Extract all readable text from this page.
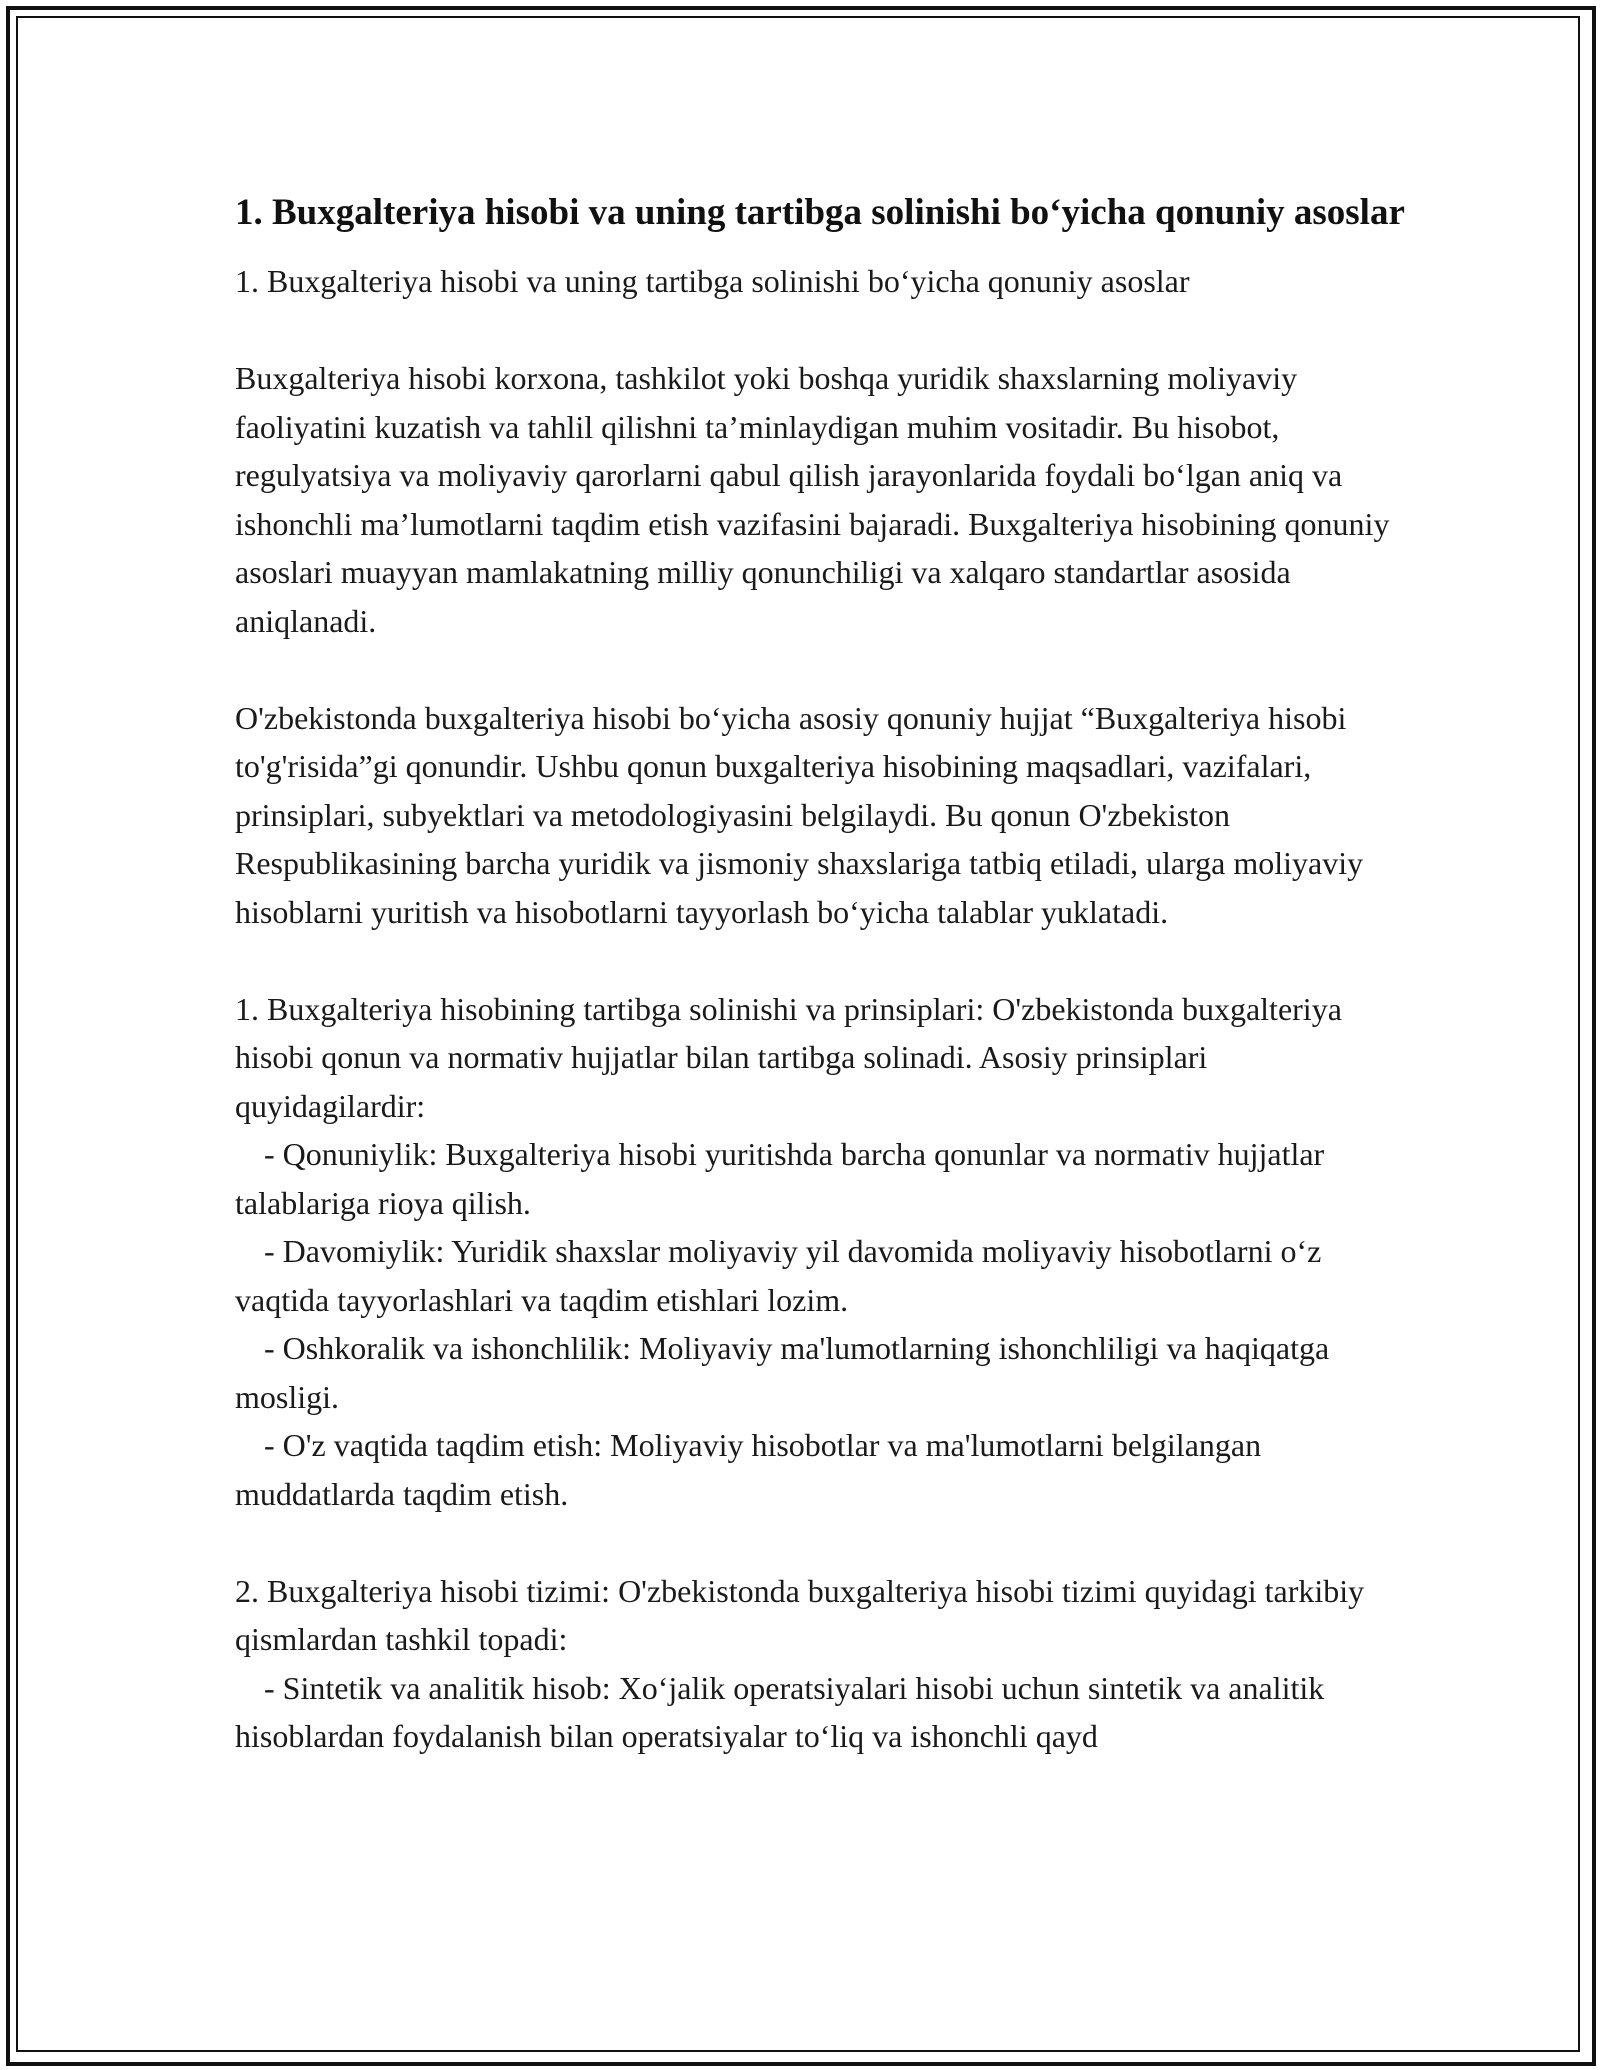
1. Buxgalteriya hisobi va uning tartibga solinishi bo‘yicha qonuniy asoslar

1. Buxgalteriya hisobi va uning tartibga solinishi bo‘yicha qonuniy asoslar

Buxgalteriya hisobi korxona, tashkilot yoki boshqa yuridik shaxslarning moliyaviy faoliyatini kuzatish va tahlil qilishni ta’minlaydigan muhim vositadir. Bu hisobot, regulyatsiya va moliyaviy qarorlarni qabul qilish jarayonlarida foydali bo‘lgan aniq va ishonchli ma’lumotlarni taqdim etish vazifasini bajaradi. Buxgalteriya hisobining qonuniy asoslari muayyan mamlakatning milliy qonunchiligi va xalqaro standartlar asosida aniqlanadi.

O'zbekistonda buxgalteriya hisobi bo‘yicha asosiy qonuniy hujjat “Buxgalteriya hisobi to'g'risida”gi qonundir. Ushbu qonun buxgalteriya hisobining maqsadlari, vazifalari, prinsiplari, subyektlari va metodologiyasini belgilaydi. Bu qonun O'zbekiston Respublikasining barcha yuridik va jismoniy shaxslariga tatbiq etiladi, ularga moliyaviy hisoblarni yuritish va hisobotlarni tayyorlash bo‘yicha talablar yuklatadi.

1. Buxgalteriya hisobining tartibga solinishi va prinsiplari: O'zbekistonda buxgalteriya hisobi qonun va normativ hujjatlar bilan tartibga solinadi. Asosiy prinsiplari quyidagilardir:
- Qonuniylik: Buxgalteriya hisobi yuritishda barcha qonunlar va normativ hujjatlar talablariga rioya qilish.
- Davomiylik: Yuridik shaxslar moliyaviy yil davomida moliyaviy hisobotlarni o‘z vaqtida tayyorlashlari va taqdim etishlari lozim.
- Oshkoralik va ishonchlilik: Moliyaviy ma'lumotlarning ishonchliligi va haqiqatga mosligi.
- O'z vaqtida taqdim etish: Moliyaviy hisobotlar va ma'lumotlarni belgilangan muddatlarda taqdim etish.
2. Buxgalteriya hisobi tizimi: O'zbekistonda buxgalteriya hisobi tizimi quyidagi tarkibiy qismlardan tashkil topadi:
- Sintetik va analitik hisob: Xo‘jalik operatsiyalari hisobi uchun sintetik va analitik hisoblardan foydalanish bilan operatsiyalar to‘liq va ishonchli qayd
